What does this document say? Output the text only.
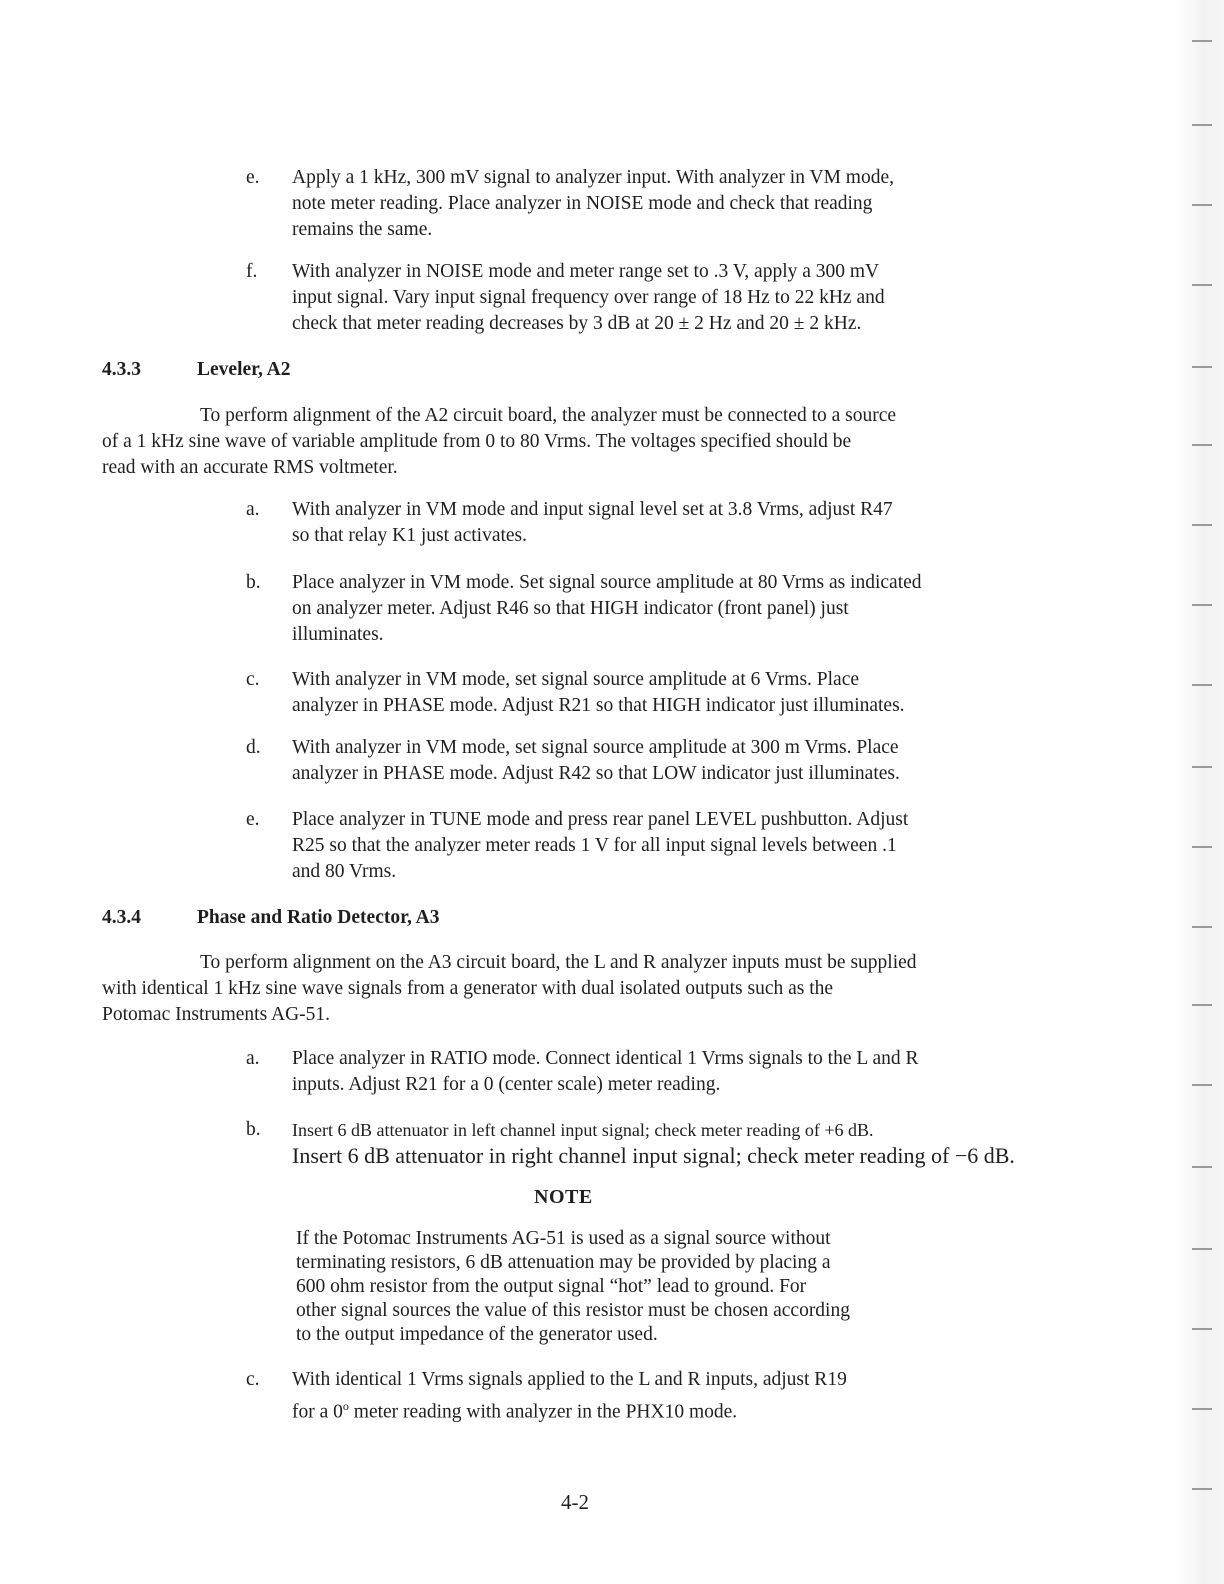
e.	Apply a 1 kHz, 300 mV signal to analyzer input. With analyzer in VM mode,
note meter reading. Place analyzer in NOISE mode and check that reading
remains the same.
f.	With analyzer in NOISE mode and meter range set to .3 V, apply a 300 mV
input signal. Vary input signal frequency over range of 18 Hz to 22 kHz and
check that meter reading decreases by 3 dB at 20 ± 2 Hz and 20 ± 2 kHz.
4.3.3	Leveler, A2
To perform alignment of the A2 circuit board, the analyzer must be connected to a source
of a 1 kHz sine wave of variable amplitude from 0 to 80 Vrms. The voltages specified should be
read with an accurate RMS voltmeter.
a.	With analyzer in VM mode and input signal level set at 3.8 Vrms, adjust R47
so that relay K1 just activates.
b.	Place analyzer in VM mode. Set signal source amplitude at 80 Vrms as indicated
on analyzer meter. Adjust R46 so that HIGH indicator (front panel) just
illuminates.
c.	With analyzer in VM mode, set signal source amplitude at 6 Vrms. Place
analyzer in PHASE mode. Adjust R21 so that HIGH indicator just illuminates.
d.	With analyzer in VM mode, set signal source amplitude at 300 m Vrms. Place
analyzer in PHASE mode. Adjust R42 so that LOW indicator just illuminates.
e.	Place analyzer in TUNE mode and press rear panel LEVEL pushbutton. Adjust
R25 so that the analyzer meter reads 1 V for all input signal levels between .1
and 80 Vrms.
4.3.4	Phase and Ratio Detector, A3
To perform alignment on the A3 circuit board, the L and R analyzer inputs must be supplied
with identical 1 kHz sine wave signals from a generator with dual isolated outputs such as the
Potomac Instruments AG-51.
a.	Place analyzer in RATIO mode. Connect identical 1 Vrms signals to the L and R
inputs. Adjust R21 for a 0 (center scale) meter reading.
b.	Insert 6 dB attenuator in left channel input signal; check meter reading of +6 dB.
Insert 6 dB attenuator in right channel input signal; check meter reading of −6 dB.
NOTE
If the Potomac Instruments AG-51 is used as a signal source without
terminating resistors, 6 dB attenuation may be provided by placing a
600 ohm resistor from the output signal “hot” lead to ground. For
other signal sources the value of this resistor must be chosen according
to the output impedance of the generator used.
c.	With identical 1 Vrms signals applied to the L and R inputs, adjust R19
for a 0$^o$ meter reading with analyzer in the PHX10 mode.
4-2
